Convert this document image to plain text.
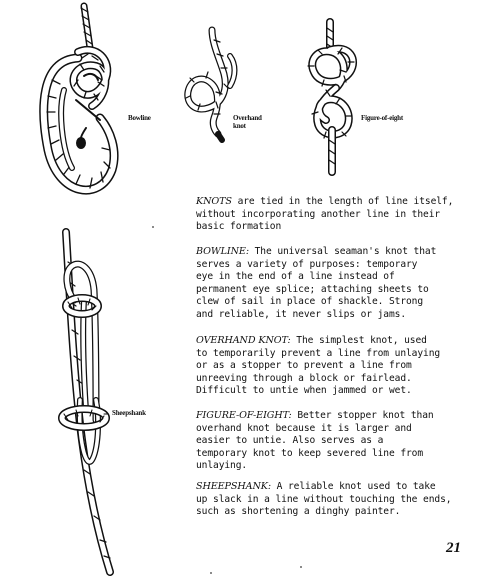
Bowline	Overhand knot
Figure-of-eight
Sheepshank

KNOTS are tied in the length of line itself,
without incorporating another line in their
basic formation

BOWLINE: The universal seaman's knot that
serves a variety of purposes: temporary
eye in the end of a line instead of
permanent eye splice; attaching sheets to
clew of sail in place of shackle. Strong
and reliable, it never slips or jams.

OVERHAND KNOT: The simplest knot, used
to temporarily prevent a line from unlaying
or as a stopper to prevent a line from
unreeving through a block or fairlead.
Difficult to untie when jammed or wet.

FIGURE-OF-EIGHT: Better stopper knot than
overhand knot because it is larger and
easier to untie. Also serves as a
temporary knot to keep severed line from
unlaying.

SHEEPSHANK: A reliable knot used to take
up slack in a line without touching the ends,
such as shortening a dinghy painter.

21
